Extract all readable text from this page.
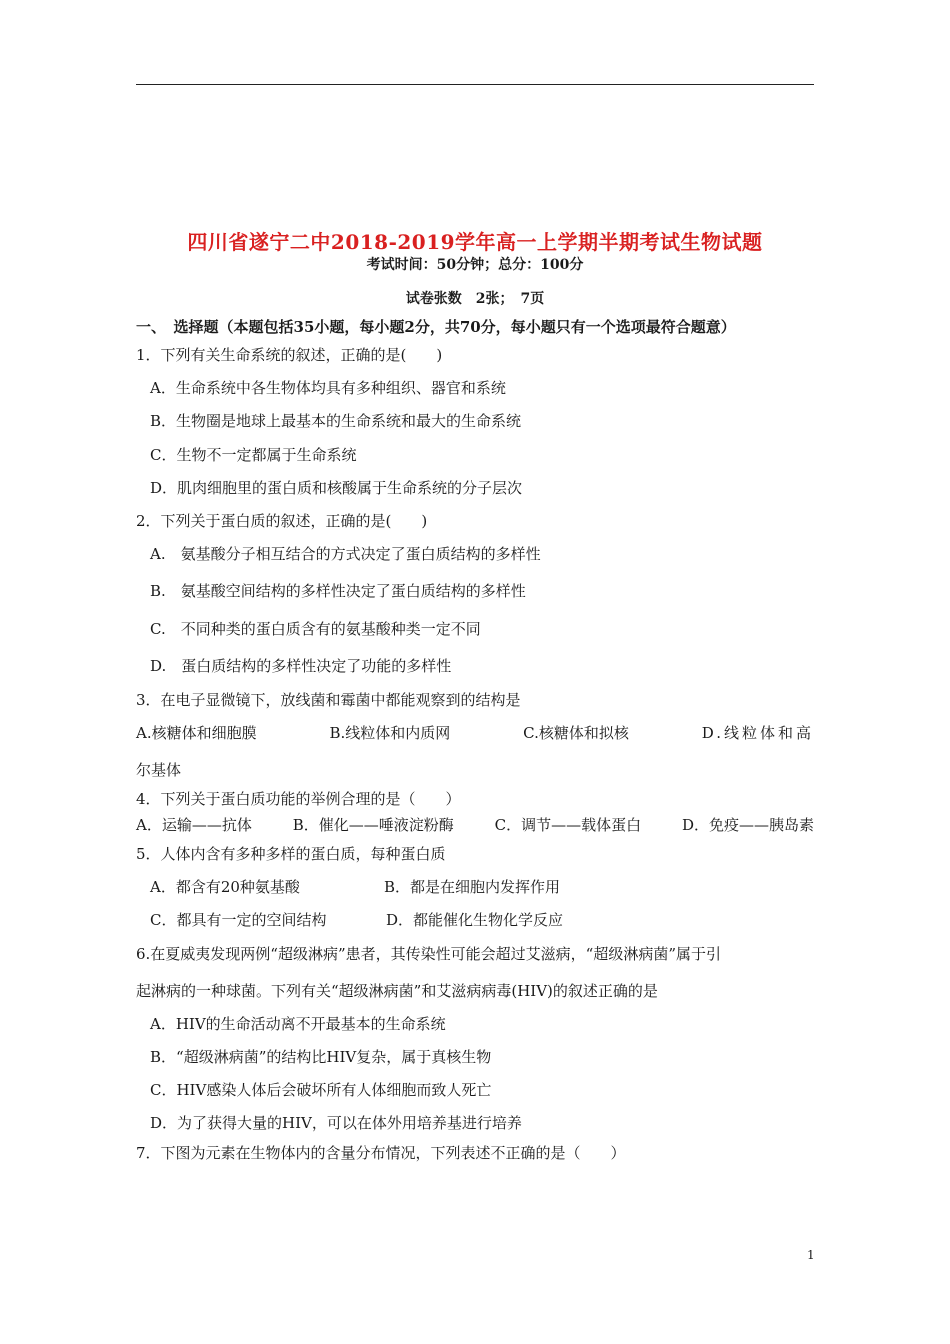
四川省遂宁二中2018-2019学年高一上学期半期考试生物试题
考试时间：50分钟；总分：100分
试卷张数　2张；　7页
一、　选择题（本题包括35小题，每小题2分，共70分，每小题只有一个选项最符合题意）
1．下列有关生命系统的叙述，正确的是(　　)
A．生命系统中各生物体均具有多种组织、器官和系统
B．生物圈是地球上最基本的生命系统和最大的生命系统
C．生物不一定都属于生命系统
D．肌肉细胞里的蛋白质和核酸属于生命系统的分子层次
2．下列关于蛋白质的叙述，正确的是(　　)
A.　氨基酸分子相互结合的方式决定了蛋白质结构的多样性
B.　氨基酸空间结构的多样性决定了蛋白质结构的多样性
C.　不同种类的蛋白质含有的氨基酸种类一定不同
D.　蛋白质结构的多样性决定了功能的多样性
3．在电子显微镜下，放线菌和霉菌中都能观察到的结构是
A.核糖体和细胞膜	B.线粒体和内质网	C.核糖体和拟核	D.线粒体和高
尔基体
4．下列关于蛋白质功能的举例合理的是（　　）
A．运输——抗体	B．催化——唾液淀粉酶	C．调节——载体蛋白	D．免疫——胰岛素
5．人体内含有多种多样的蛋白质，每种蛋白质
A．都含有20种氨基酸	B．都是在细胞内发挥作用
C．都具有一定的空间结构	D．都能催化生物化学反应
6.在夏威夷发现两例“超级淋病”患者，其传染性可能会超过艾滋病，“超级淋病菌”属于引
起淋病的一种球菌。下列有关“超级淋病菌”和艾滋病病毒(HIV)的叙述正确的是
A．HIV的生命活动离不开最基本的生命系统
B．“超级淋病菌”的结构比HIV复杂，属于真核生物
C．HIV感染人体后会破坏所有人体细胞而致人死亡
D．为了获得大量的HIV，可以在体外用培养基进行培养
7．下图为元素在生物体内的含量分布情况，下列表述不正确的是（　　）
1
